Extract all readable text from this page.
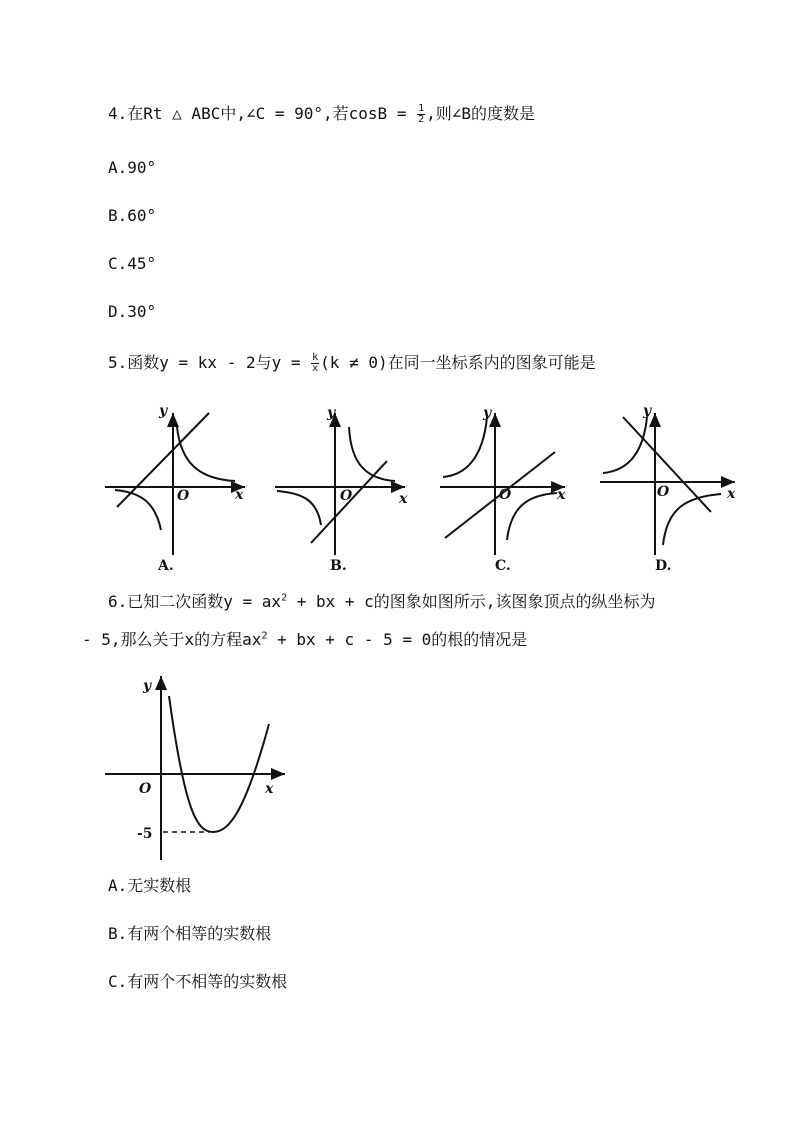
4.在Rt △ ABC中,∠C = 90°,若$\cos B = \frac{1}{2}$ ,则∠B的度数是
A.90°
B.60°
C.45°
D.30°
5.函数y = kx - 2与$y = \frac{k}{x} (k \ne 0)$在同一坐标系内的图象可能是
y
x
O
A.
y
x
O
B.
y
x
O
C.
y
x
O
D.
6.已知二次函数$y = ax^2$ + bx + c的图象如图所示,该图象顶点的纵坐标为
- 5,那么关于x的方程$ax^2$ + bx + c - 5 = 0的根的情况是
y
x
O
-5
A.无实数根
B.有两个相等的实数根
C.有两个不相等的实数根
